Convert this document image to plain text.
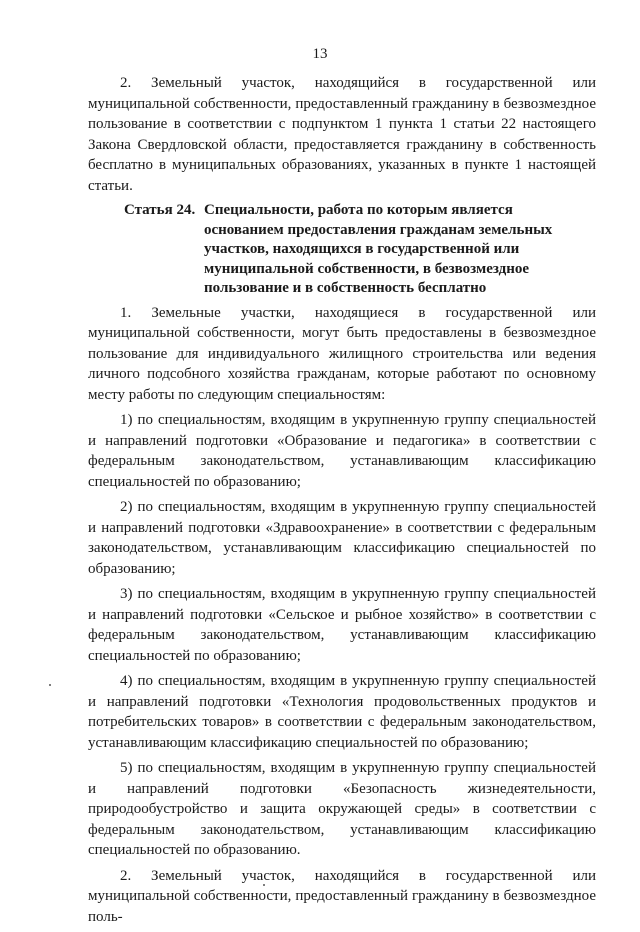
13

2. Земельный участок, находящийся в государственной или муниципальной собственности, предоставленный гражданину в безвозмездное пользование в соответствии с подпунктом 1 пункта 1 статьи 22 настоящего Закона Свердловской области, предоставляется гражданину в собственность бесплатно в муниципальных образованиях, указанных в пункте 1 настоящей статьи.

Статья 24. Специальности, работа по которым является основанием предоставления гражданам земельных участков, находящихся в государственной или муниципальной собственности, в безвозмездное пользование и в собственность бесплатно

1. Земельные участки, находящиеся в государственной или муниципальной собственности, могут быть предоставлены в безвозмездное пользование для индивидуального жилищного строительства или ведения личного подсобного хозяйства гражданам, которые работают по основному месту работы по следующим специальностям:

1) по специальностям, входящим в укрупненную группу специальностей и направлений подготовки «Образование и педагогика» в соответствии с федеральным законодательством, устанавливающим классификацию специальностей по образованию;

2) по специальностям, входящим в укрупненную группу специальностей и направлений подготовки «Здравоохранение» в соответствии с федеральным законодательством, устанавливающим классификацию специальностей по образованию;

3) по специальностям, входящим в укрупненную группу специальностей и направлений подготовки «Сельское и рыбное хозяйство» в соответствии с федеральным законодательством, устанавливающим классификацию специальностей по образованию;

4) по специальностям, входящим в укрупненную группу специальностей и направлений подготовки «Технология продовольственных продуктов и потребительских товаров» в соответствии с федеральным законодательством, устанавливающим классификацию специальностей по образованию;

5) по специальностям, входящим в укрупненную группу специальностей и направлений подготовки «Безопасность жизнедеятельности, природообустройство и защита окружающей среды» в соответствии с федеральным законодательством, устанавливающим классификацию специальностей по образованию.

2. Земельный участок, находящийся в государственной или муниципальной собственности, предоставленный гражданину в безвозмездное поль-
